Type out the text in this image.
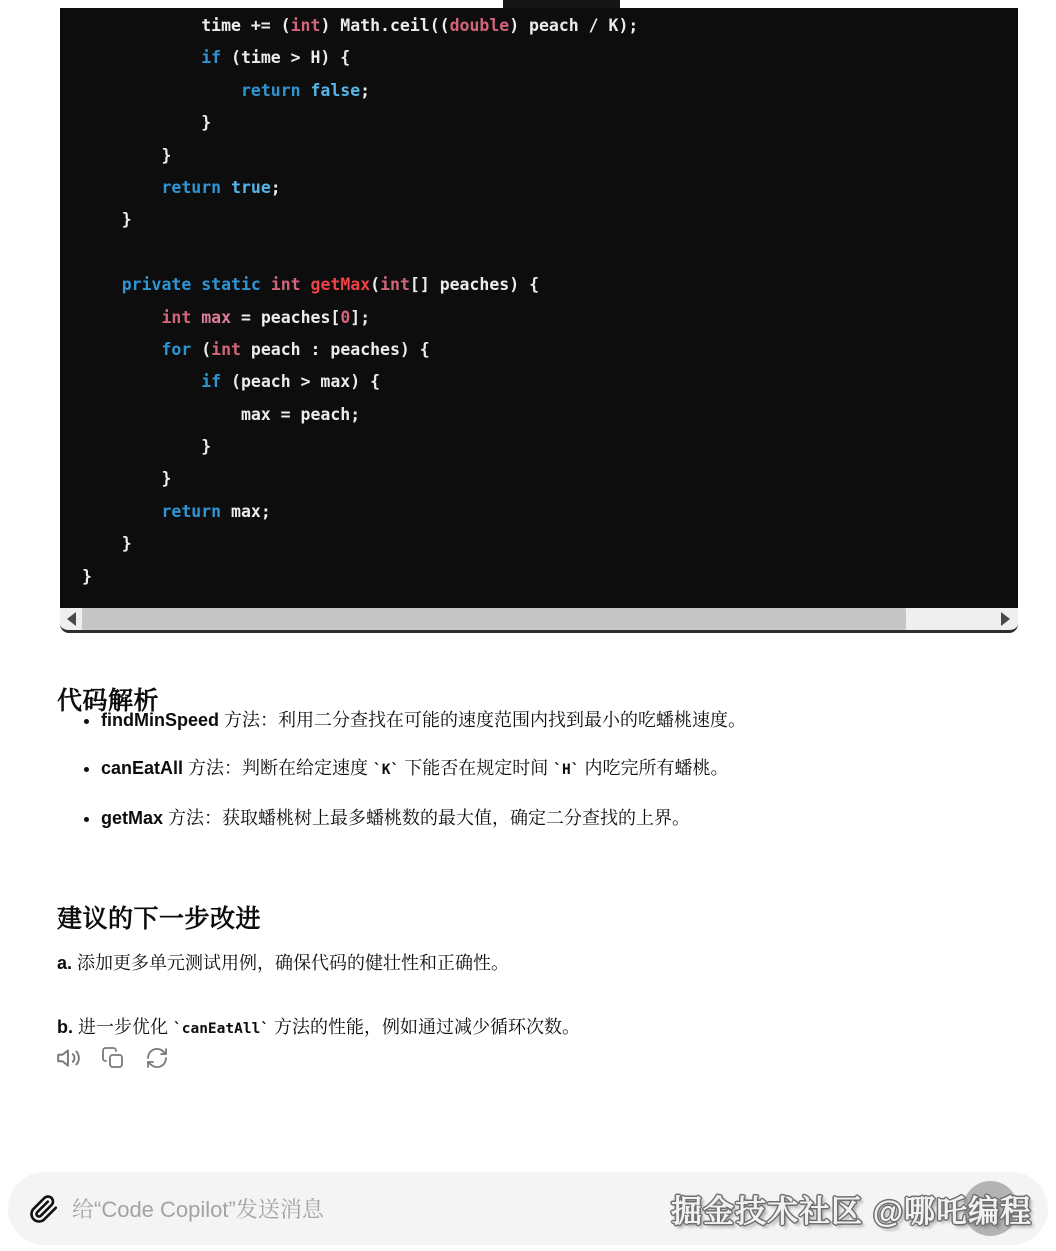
time += (int) Math.ceil((double) peach / K);
if (time > H) {
return false;
}
}
return true;
}

private static int getMax(int[] peaches) {
int max = peaches[0];
for (int peach : peaches) {
if (peach > max) {
max = peach;
}
}
return max;
}
}
代码解析
• findMinSpeed 方法：利用二分查找在可能的速度范围内找到最小的吃蟠桃速度。
• canEatAll 方法：判断在给定速度 `K` 下能否在规定时间 `H` 内吃完所有蟠桃。
• getMax 方法：获取蟠桃树上最多蟠桃数的最大值，确定二分查找的上界。
建议的下一步改进

a. 添加更多单元测试用例，确保代码的健壮性和正确性。

b. 进一步优化 `canEatAll` 方法的性能，例如通过减少循环次数。

给“Code Copilot”发送消息
掘金技术社区 @哪吒编程
